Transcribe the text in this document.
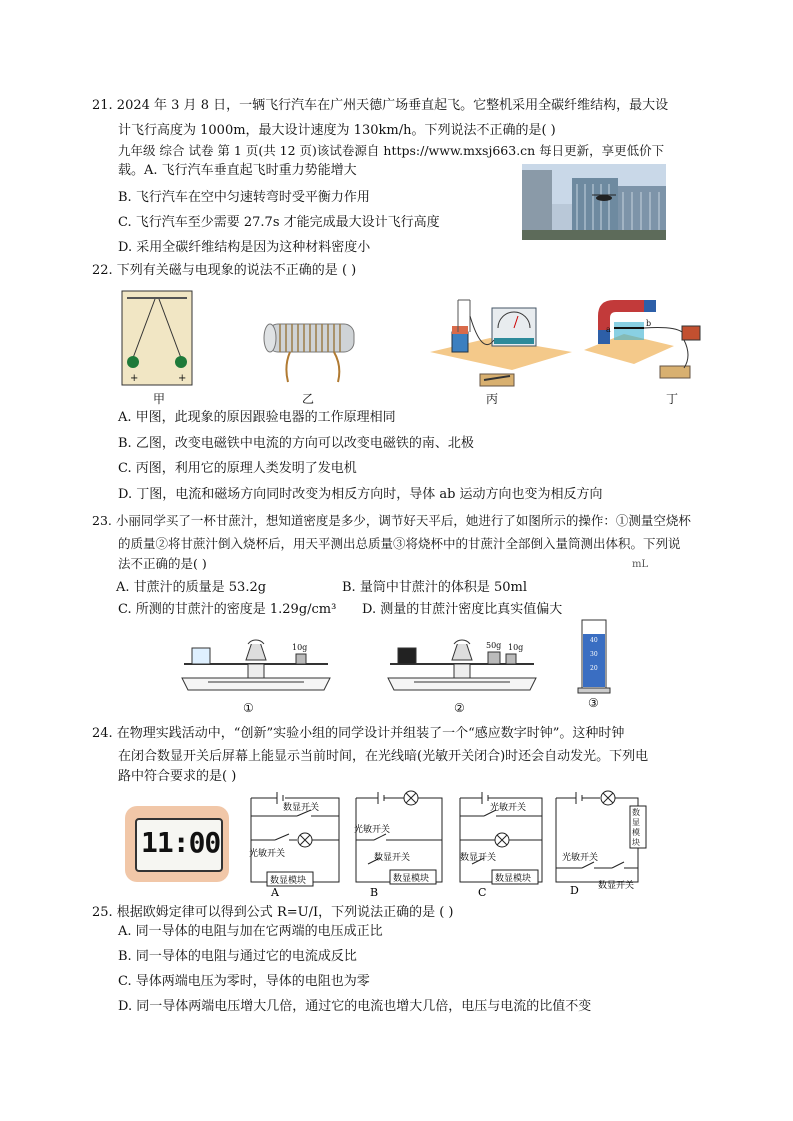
21. 2024 年 3 月 8 日，一辆飞行汽车在广州天德广场垂直起飞。它整机采用全碳纤维结构，最大设
计飞行高度为 1000m，最大设计速度为 130km/h。下列说法不正确的是( )
九年级 综合 试卷 第 1 页(共 12 页)该试卷源自 https://www.mxsj663.cn 每日更新，享更低价下
载。A. 飞行汽车垂直起飞时重力势能增大
B. 飞行汽车在空中匀速转弯时受平衡力作用
C. 飞行汽车至少需要 27.7s 才能完成最大设计飞行高度
D. 采用全碳纤维结构是因为这种材料密度小
22. 下列有关磁与电现象的说法不正确的是 ( )
+	+
甲	乙	丙
a
b
丁
A. 甲图，此现象的原因跟验电器的工作原理相同
B. 乙图，改变电磁铁中电流的方向可以改变电磁铁的南、北极
C. 丙图，利用它的原理人类发明了发电机
D. 丁图，电流和磁场方向同时改变为相反方向时，导体 ab 运动方向也变为相反方向
23. 小丽同学买了一杯甘蔗汁，想知道密度是多少，调节好天平后，她进行了如图所示的操作：①测量空烧杯
的质量②将甘蔗汁倒入烧杯后，用天平测出总质量③将烧杯中的甘蔗汁全部倒入量筒测出体积。下列说
法不正确的是( )	mL
A. 甘蔗汁的质量是 53.2g	B. 量筒中甘蔗汁的体积是 50ml
C. 所测的甘蔗汁的密度是 1.29g/cm³ D. 测量的甘蔗汁密度比真实值偏大
10g
①
50g 10g
②
40
30
20
③
24. 在物理实践活动中，“创新”实验小组的同学设计并组装了一个“感应数字时钟”。这种时钟
在闭合数显开关后屏幕上能显示当前时间，在光线暗(光敏开关闭合)时还会自动发光。下列电
路中符合要求的是( )
11:00
数显开关
光敏开关
数显模块
A
光敏开关
数显开关
数显模块
B
光敏开关
数显开关
数显模块
C
光敏开关
数显开关
D
数显模块
25. 根据欧姆定律可以得到公式 R=U/I，下列说法正确的是 ( )
A. 同一导体的电阻与加在它两端的电压成正比
B. 同一导体的电阻与通过它的电流成反比
C. 导体两端电压为零时，导体的电阻也为零
D. 同一导体两端电压增大几倍，通过它的电流也增大几倍，电压与电流的比值不变
